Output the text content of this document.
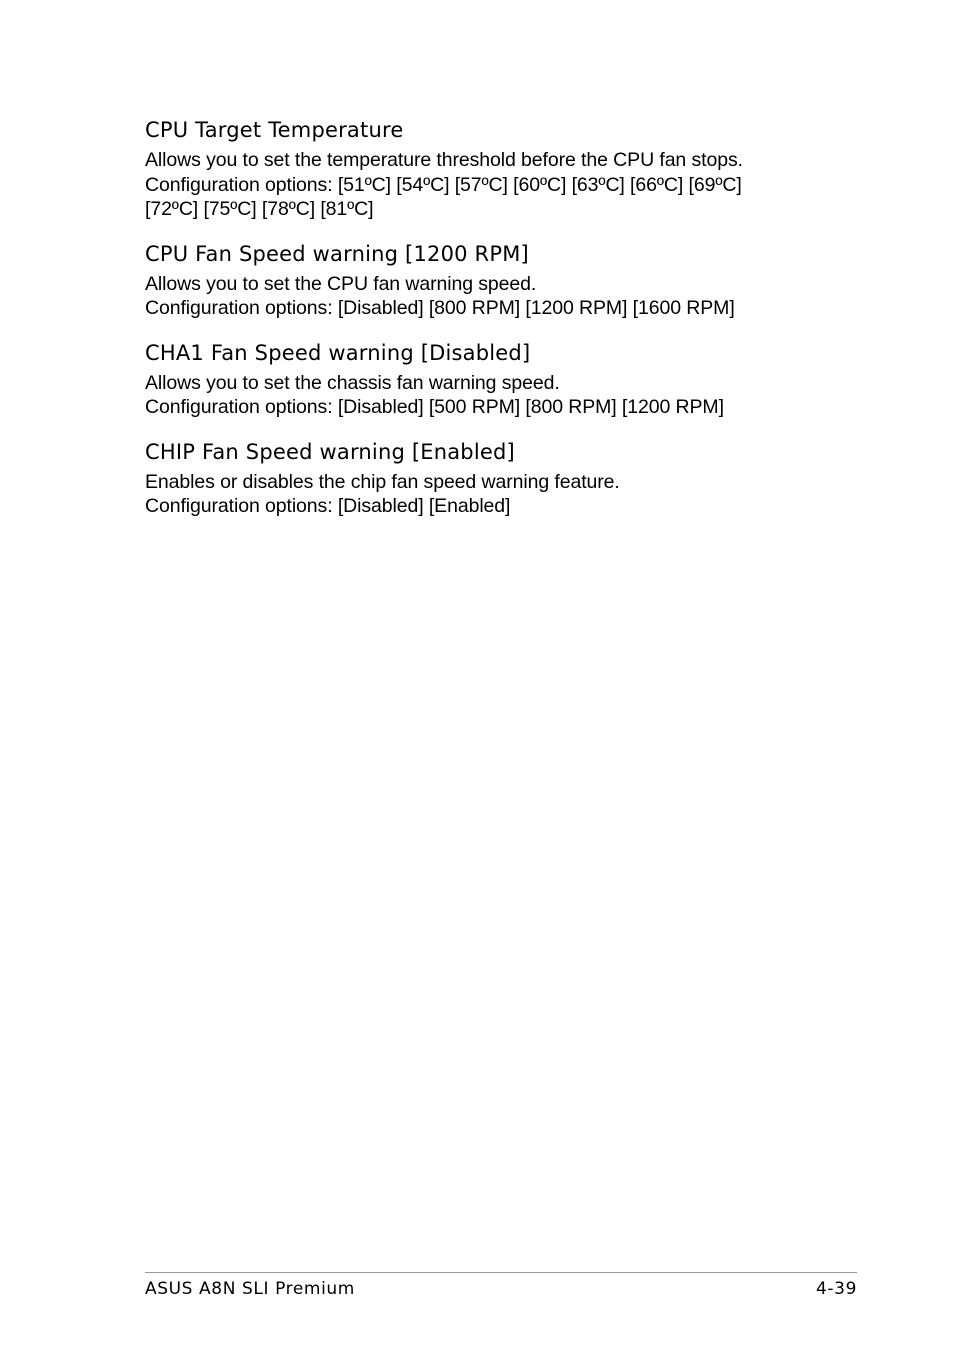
CPU Target Temperature

Allows you to set the temperature threshold before the CPU fan stops.
Configuration options: [51ºC] [54ºC] [57ºC] [60ºC] [63ºC] [66ºC] [69ºC]
[72ºC] [75ºC] [78ºC] [81ºC]

CPU Fan Speed warning [1200 RPM]

Allows you to set the CPU fan warning speed.
Configuration options: [Disabled] [800 RPM] [1200 RPM] [1600 RPM]

CHA1 Fan Speed warning [Disabled]

Allows you to set the chassis fan warning speed.
Configuration options: [Disabled] [500 RPM] [800 RPM] [1200 RPM]

CHIP Fan Speed warning [Enabled]

Enables or disables the chip fan speed warning feature.
Configuration options: [Disabled] [Enabled]

ASUS A8N SLI Premium	4-39
